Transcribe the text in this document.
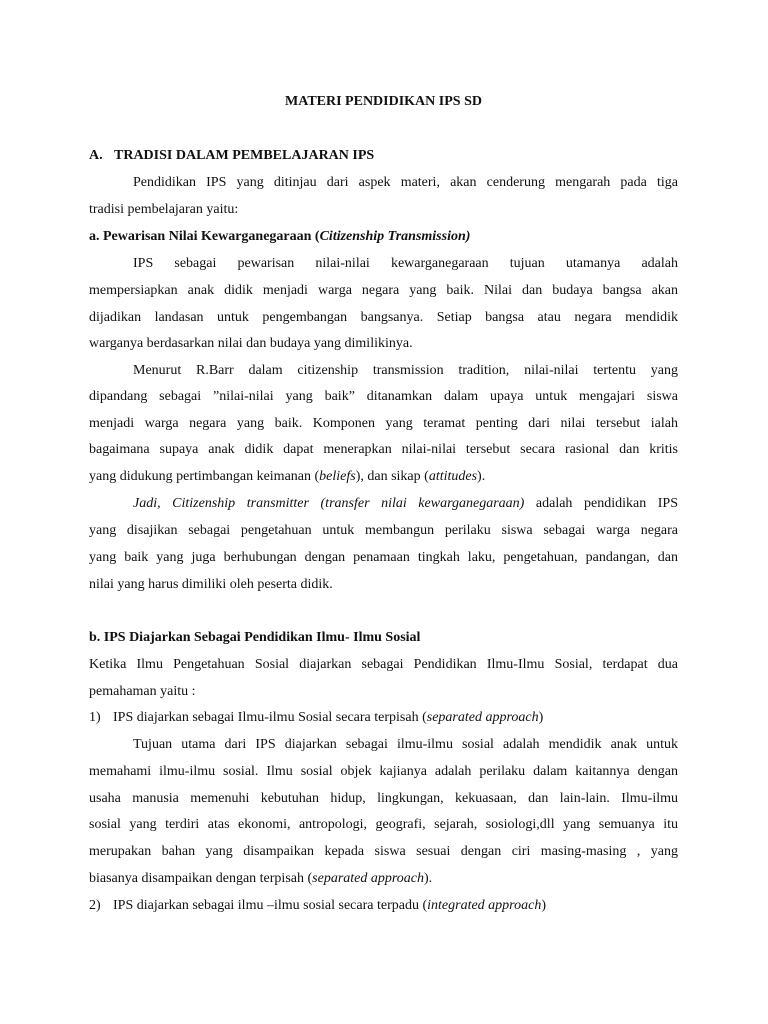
MATERI PENDIDIKAN IPS SD
A. TRADISI DALAM PEMBELAJARAN IPS
Pendidikan IPS yang ditinjau dari aspek materi, akan cenderung mengarah pada tiga
tradisi pembelajaran yaitu:
a. Pewarisan Nilai Kewarganegaraan (Citizenship Transmission)
IPS sebagai pewarisan nilai-nilai kewarganegaraan tujuan utamanya adalah
mempersiapkan anak didik menjadi warga negara yang baik. Nilai dan budaya bangsa akan
dijadikan landasan untuk pengembangan bangsanya. Setiap bangsa atau negara mendidik
warganya berdasarkan nilai dan budaya yang dimilikinya.
Menurut R.Barr dalam citizenship transmission tradition, nilai-nilai tertentu yang
dipandang sebagai ”nilai-nilai yang baik” ditanamkan dalam upaya untuk mengajari siswa
menjadi warga negara yang baik. Komponen yang teramat penting dari nilai tersebut ialah
bagaimana supaya anak didik dapat menerapkan nilai-nilai tersebut secara rasional dan kritis
yang didukung pertimbangan keimanan (beliefs), dan sikap (attitudes).
Jadi, Citizenship transmitter (transfer nilai kewarganegaraan) adalah pendidikan IPS
yang disajikan sebagai pengetahuan untuk membangun perilaku siswa sebagai warga negara
yang baik yang juga berhubungan dengan penamaan tingkah laku, pengetahuan, pandangan, dan
nilai yang harus dimiliki oleh peserta didik.
b. IPS Diajarkan Sebagai Pendidikan Ilmu- Ilmu Sosial
Ketika Ilmu Pengetahuan Sosial diajarkan sebagai Pendidikan Ilmu-Ilmu Sosial, terdapat dua
pemahaman yaitu :
1) IPS diajarkan sebagai Ilmu-ilmu Sosial secara terpisah (separated approach)
Tujuan utama dari IPS diajarkan sebagai ilmu-ilmu sosial adalah mendidik anak untuk
memahami ilmu-ilmu sosial. Ilmu sosial objek kajianya adalah perilaku dalam kaitannya dengan
usaha manusia memenuhi kebutuhan hidup, lingkungan, kekuasaan, dan lain-lain. Ilmu-ilmu
sosial yang terdiri atas ekonomi, antropologi, geografi, sejarah, sosiologi,dll yang semuanya itu
merupakan bahan yang disampaikan kepada siswa sesuai dengan ciri masing-masing , yang
biasanya disampaikan dengan terpisah (separated approach).
2) IPS diajarkan sebagai ilmu –ilmu sosial secara terpadu (integrated approach)
